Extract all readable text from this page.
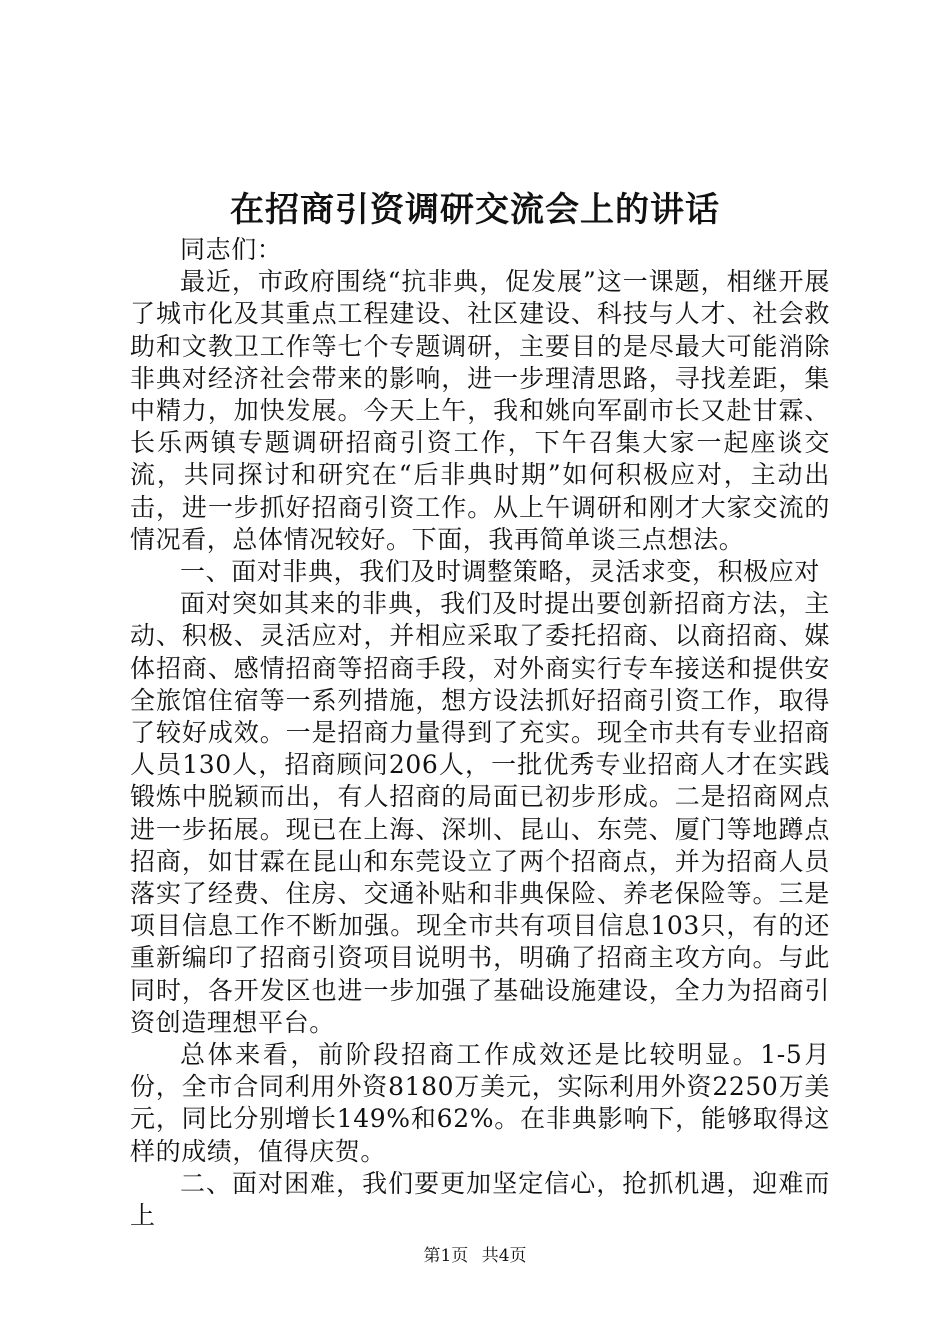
在招商引资调研交流会上的讲话

同志们：

最近，市政府围绕“抗非典，促发展”这一课题，相继开展了城市化及其重点工程建设、社区建设、科技与人才、社会救助和文教卫工作等七个专题调研，主要目的是尽最大可能消除非典对经济社会带来的影响，进一步理清思路，寻找差距，集中精力，加快发展。今天上午，我和姚向军副市长又赴甘霖、长乐两镇专题调研招商引资工作，下午召集大家一起座谈交流，共同探讨和研究在“后非典时期”如何积极应对，主动出击，进一步抓好招商引资工作。从上午调研和刚才大家交流的情况看，总体情况较好。下面，我再简单谈三点想法。

一、面对非典，我们及时调整策略，灵活求变，积极应对

面对突如其来的非典，我们及时提出要创新招商方法，主动、积极、灵活应对，并相应采取了委托招商、以商招商、媒体招商、感情招商等招商手段，对外商实行专车接送和提供安全旅馆住宿等一系列措施，想方设法抓好招商引资工作，取得了较好成效。一是招商力量得到了充实。现全市共有专业招商人员130人，招商顾问206人，一批优秀专业招商人才在实践锻炼中脱颖而出，有人招商的局面已初步形成。二是招商网点进一步拓展。现已在上海、深圳、昆山、东莞、厦门等地蹲点招商，如甘霖在昆山和东莞设立了两个招商点，并为招商人员落实了经费、住房、交通补贴和非典保险、养老保险等。三是项目信息工作不断加强。现全市共有项目信息103只，有的还重新编印了招商引资项目说明书，明确了招商主攻方向。与此同时，各开发区也进一步加强了基础设施建设，全力为招商引资创造理想平台。

总体来看，前阶段招商工作成效还是比较明显。1-5月份，全市合同利用外资8180万美元，实际利用外资2250万美元，同比分别增长149%和62%。在非典影响下，能够取得这样的成绩，值得庆贺。

二、面对困难，我们要更加坚定信心，抢抓机遇，迎难而上

第1页 共4页
